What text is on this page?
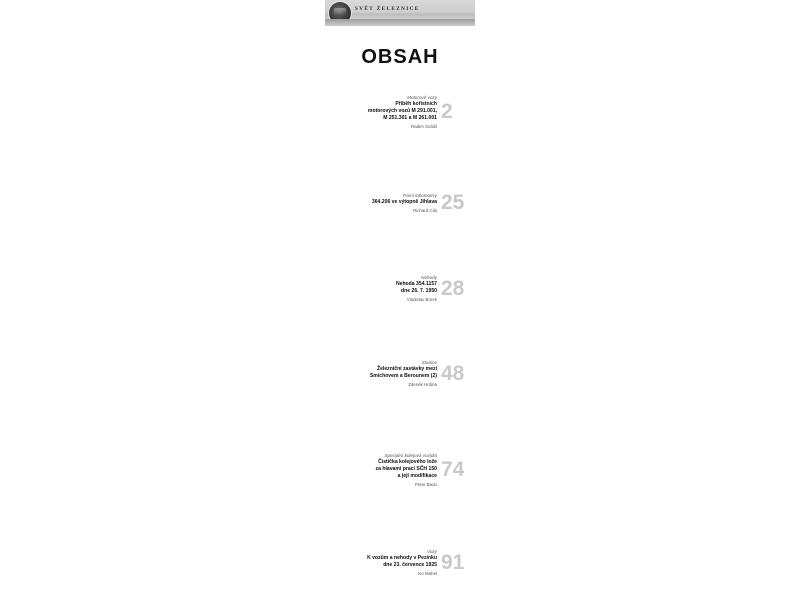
SVĚT ŽELEZNICE
OBSAH
Motorové vozy
Příběh kořistních
motorových vozů M 291.001,
M 251.301 a M 261.001
Radim Snášil
2
Parní lokomotivy
364.206 ve výtopně Jihlava
Richard Cila 25
Nehody
Nehoda 354.1157
dne 26. 7. 1950
Vladislav Borek 28
Stanice
Železniční zastávky mezi
Smíchovem a Berounem (2)
Zdeněk Hrdina 48
Speciální kolejová vozidla
Čistička kolejového lože
za hlavami prací SČH 150
a její modifikace
Peter Bado
74
Vozy
K vozům a nehody v Pezinku
dne 23. července 1925
Ivo Mahel 91
